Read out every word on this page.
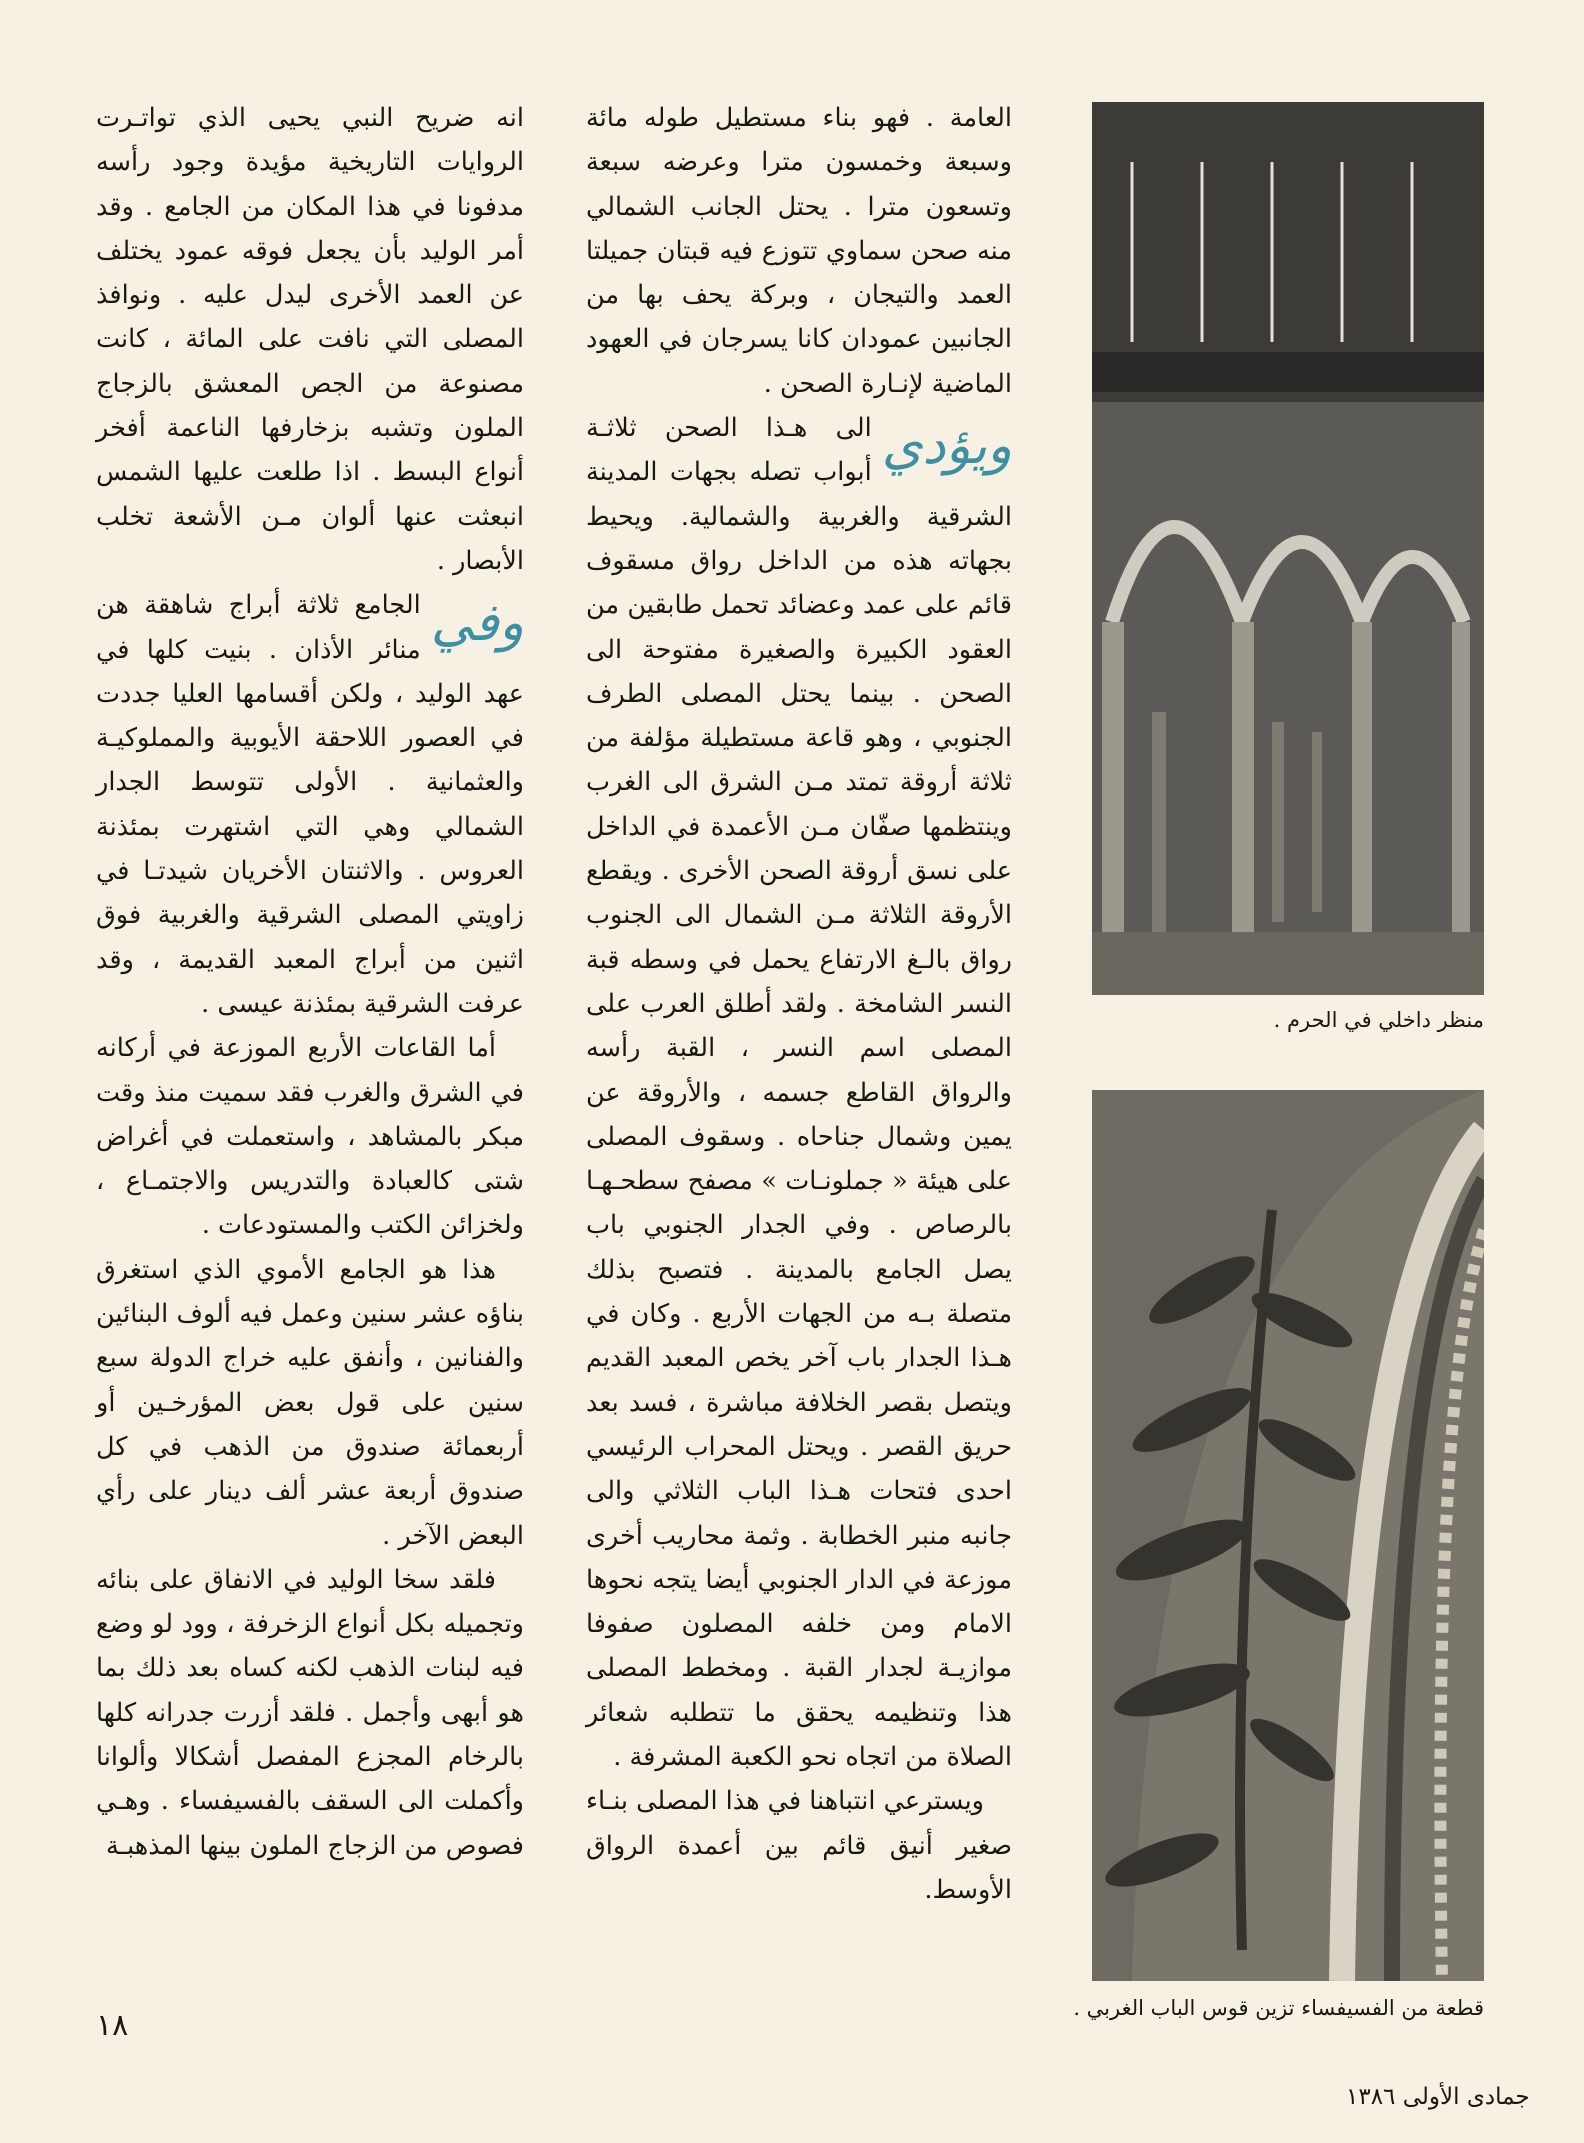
العامة . فهو بناء مستطيل طوله مائة وسبعة وخمسون مترا وعرضه سبعة وتسعون مترا . يحتل الجانب الشمالي منه صحن سماوي تتوزع فيه قبتان جميلتا العمد والتيجان ، وبركة يحف بها من الجانبين عمودان كانا يسرجان في العهود الماضية لإنـارة الصحن .

ويؤدي
الى هـذا الصحن ثلاثـة أبواب تصله بجهات المدينة الشرقية والغربية والشمالية. ويحيط بجهاته هذه من الداخل رواق مسقوف قائم على عمد وعضائد تحمل طابقين من العقود الكبيرة والصغيرة مفتوحة الى الصحن . بينما يحتل المصلى الطرف الجنوبي ، وهو قاعة مستطيلة مؤلفة من ثلاثة أروقة تمتد مـن الشرق الى الغرب وينتظمها صفّان مـن الأعمدة في الداخل على نسق أروقة الصحن الأخرى . ويقطع الأروقة الثلاثة مـن الشمال الى الجنوب رواق بالـغ الارتفاع يحمل في وسطه قبة النسر الشامخة . ولقد أطلق العرب على المصلى اسم النسر ، القبة رأسه والرواق القاطع جسمه ، والأروقة عن يمين وشمال جناحاه . وسقوف المصلى على هيئة « جملونـات » مصفح سطحـهـا بالرصاص . وفي الجدار الجنوبي باب يصل الجامع بالمدينة . فتصبح بذلك متصلة بـه من الجهات الأربع . وكان في هـذا الجدار باب آخر يخص المعبد القديم ويتصل بقصر الخلافة مباشرة ، فسد بعد حريق القصر . ويحتل المحراب الرئيسي احدى فتحات هـذا الباب الثلاثي والى جانبه منبر الخطابة . وثمة محاريب أخرى موزعة في الدار الجنوبي أيضا يتجه نحوها الامام ومن خلفه المصلون صفوفا موازيـة لجدار القبة . ومخطط المصلى هذا وتنظيمه يحقق ما تتطلبه شعائر الصلاة من اتجاه نحو الكعبة المشرفة .

ويسترعي انتباهنا في هذا المصلى بنـاء صغير أنيق قائم بين أعمدة الرواق الأوسط.

انه ضريح النبي يحيى الذي تواتـرت الروايات التاريخية مؤيدة وجود رأسه مدفونا في هذا المكان من الجامع . وقد أمر الوليد بأن يجعل فوقه عمود يختلف عن العمد الأخرى ليدل عليه . ونوافذ المصلى التي نافت على المائة ، كانت مصنوعة من الجص المعشق بالزجاج الملون وتشبه بزخارفها الناعمة أفخر أنواع البسط . اذا طلعت عليها الشمس انبعثت عنها ألوان مـن الأشعة تخلب الأبصار .

وفي
الجامع ثلاثة أبراج شاهقة هن منائر الأذان . بنيت كلها في عهد الوليد ، ولكن أقسامها العليا جددت في العصور اللاحقة الأيوبية والمملوكيـة والعثمانية . الأولى تتوسط الجدار الشمالي وهي التي اشتهرت بمئذنة العروس . والاثنتان الأخريان شيدتـا في زاويتي المصلى الشرقية والغربية فوق اثنين من أبراج المعبد القديمة ، وقد عرفت الشرقية بمئذنة عيسى .

أما القاعات الأربع الموزعة في أركانه في الشرق والغرب فقد سميت منذ وقت مبكر بالمشاهد ، واستعملت في أغراض شتى كالعبادة والتدريس والاجتمـاع ، ولخزائن الكتب والمستودعات .

هذا هو الجامع الأموي الذي استغرق بناؤه عشر سنين وعمل فيه ألوف البنائين والفنانين ، وأنفق عليه خراج الدولة سبع سنين على قول بعض المؤرخـين أو أربعمائة صندوق من الذهب في كل صندوق أربعة عشر ألف دينار على رأي البعض الآخر .

فلقد سخا الوليد في الانفاق على بنائه وتجميله بكل أنواع الزخرفة ، وود لو وضع فيه لبنات الذهب لكنه كساه بعد ذلك بما هو أبهى وأجمل . فلقد أزرت جدرانه كلها بالرخام المجزع المفصل أشكالا وألوانا وأكملت الى السقف بالفسيفساء . وهـي فصوص من الزجاج الملون بينها المذهبـة

منظر داخلي في الحرم .
قطعة من الفسيفساء تزين قوس الباب الغربي .
١٨
جمادى الأولى ١٣٨٦
